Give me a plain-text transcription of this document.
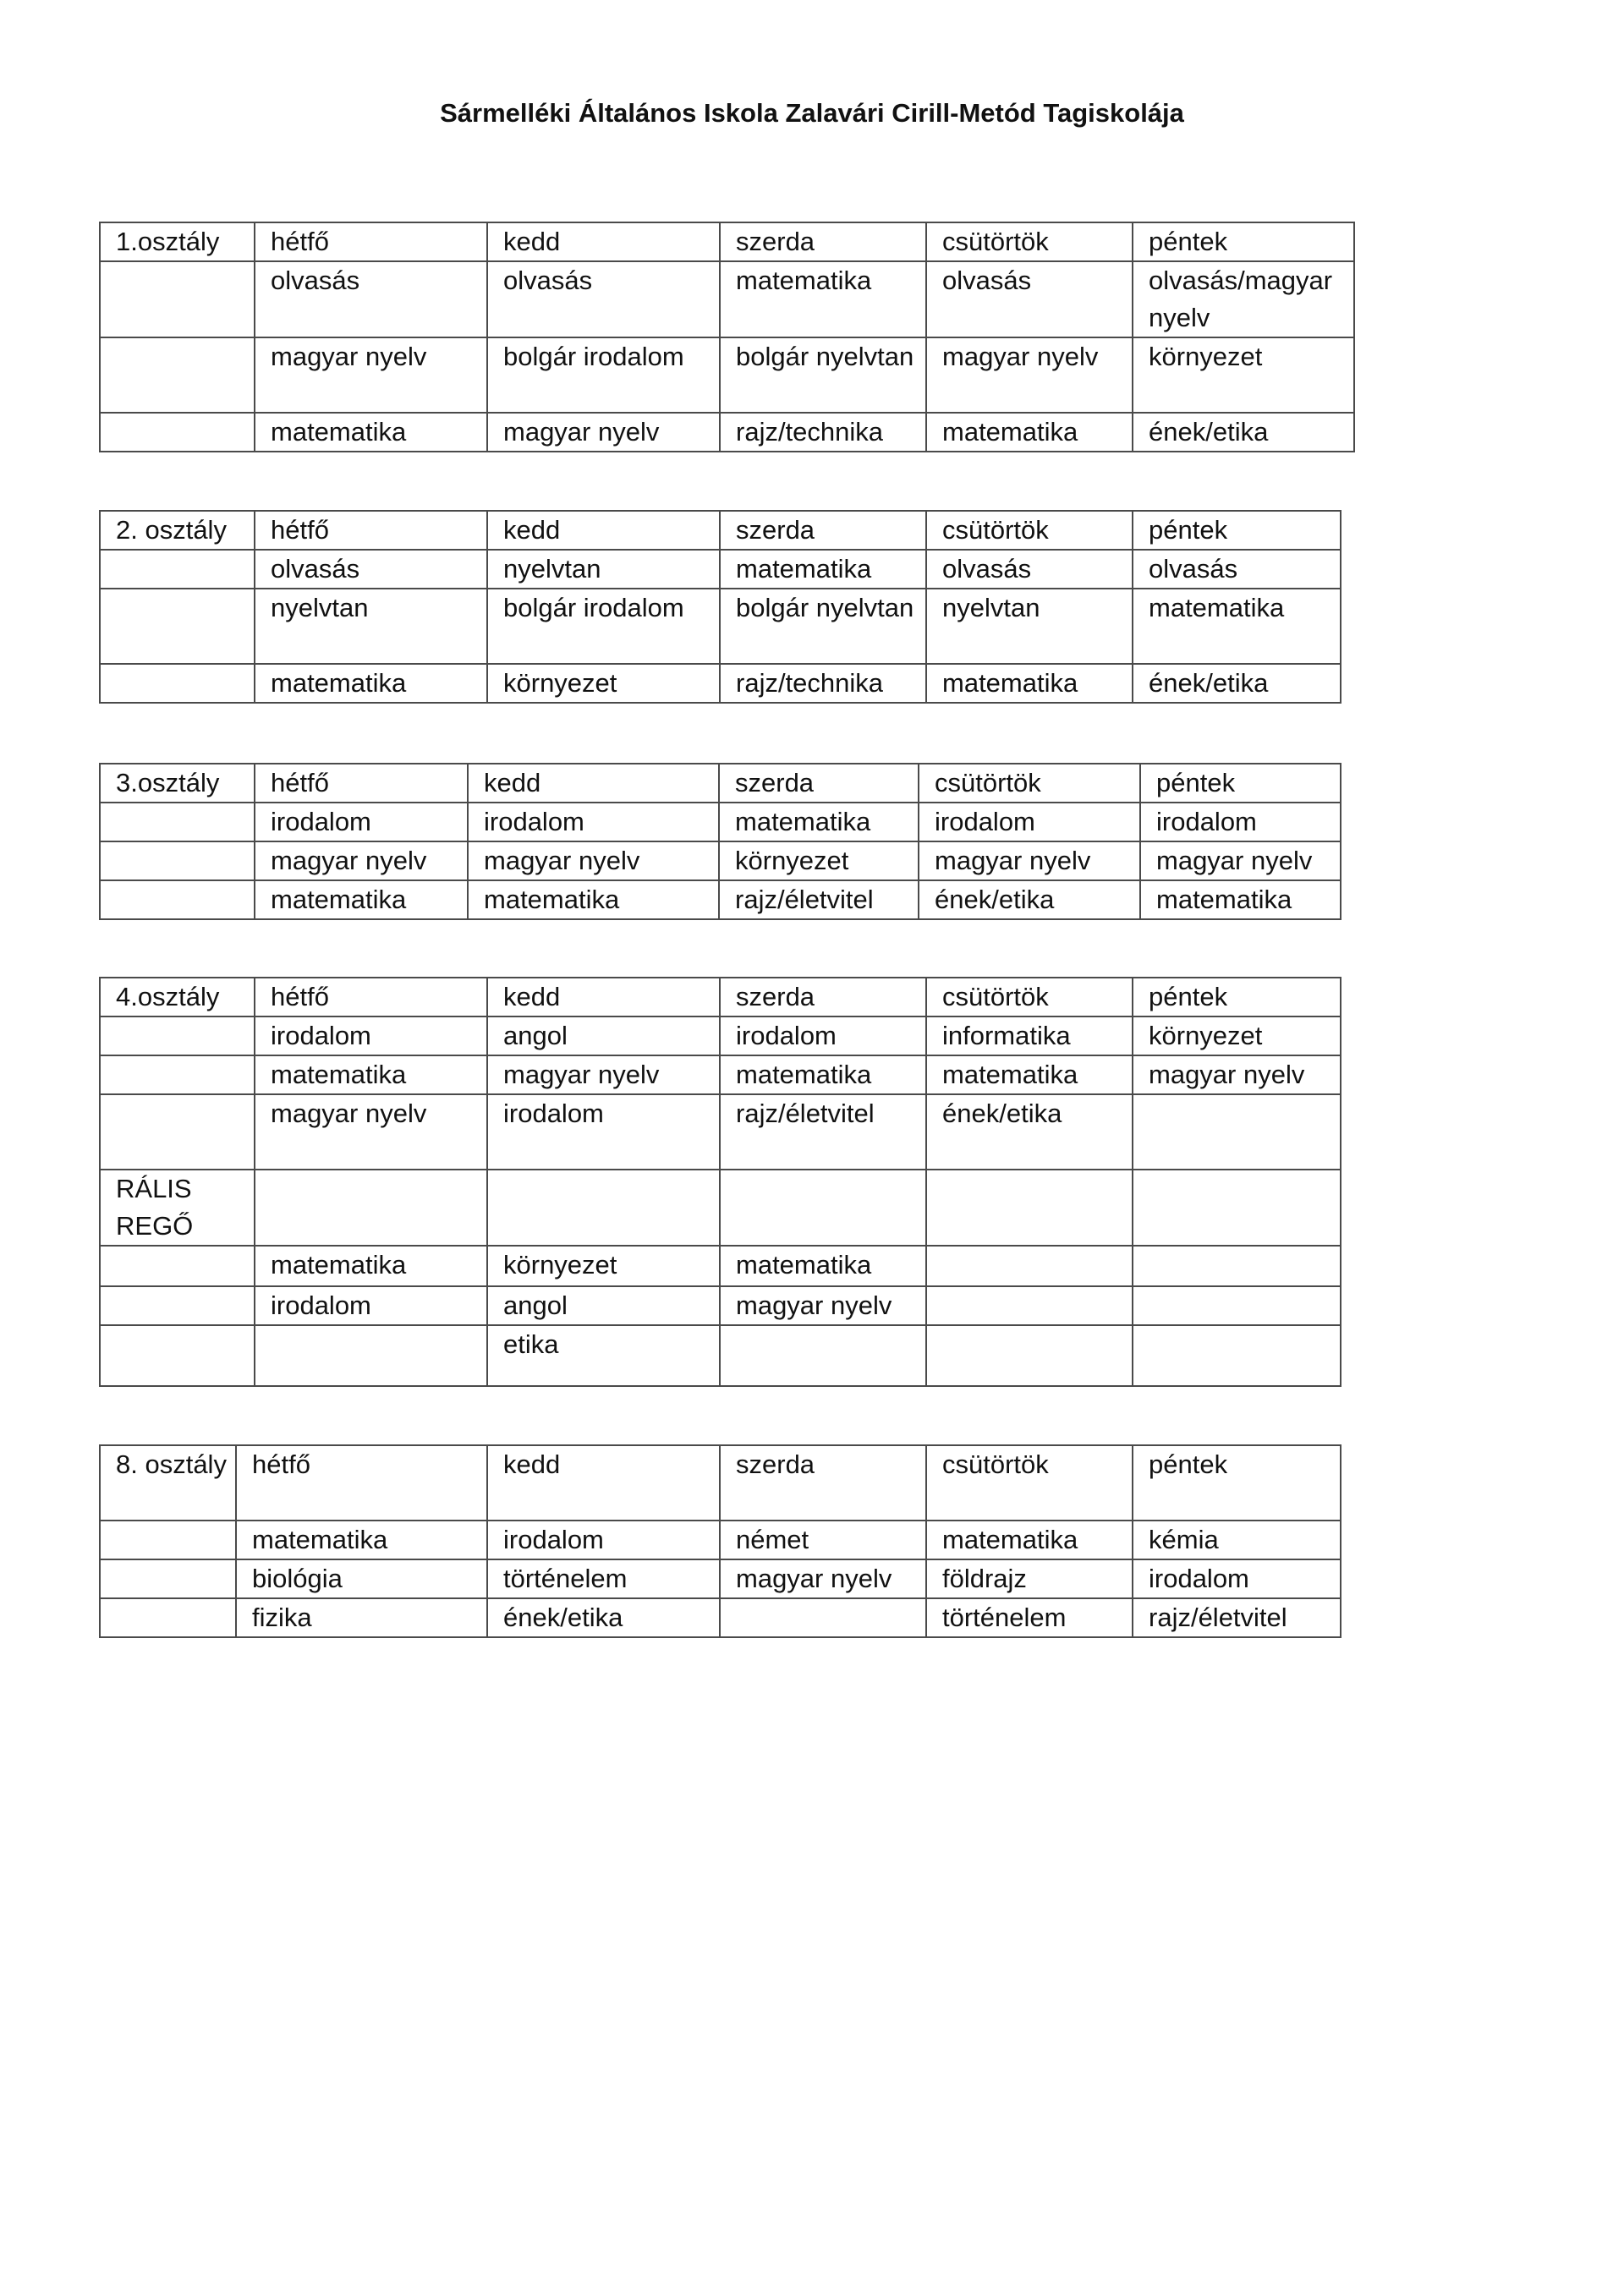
Sármelléki Általános Iskola Zalavári Cirill-Metód Tagiskolája
1.osztály	hétfő	kedd	szerda	csütörtök	péntek
	olvasás	olvasás	matematika	olvasás	olvasás/magyar nyelv
	magyar nyelv	bolgár irodalom	bolgár nyelvtan	magyar nyelv	környezet
	matematika	magyar nyelv	rajz/technika	matematika	ének/etika
2. osztály	hétfő	kedd	szerda	csütörtök	péntek
	olvasás	nyelvtan	matematika	olvasás	olvasás
	nyelvtan	bolgár irodalom	bolgár nyelvtan	nyelvtan	matematika
	matematika	környezet	rajz/technika	matematika	ének/etika
3.osztály	hétfő	kedd	szerda	csütörtök	péntek
	irodalom	irodalom	matematika	irodalom	irodalom
	magyar nyelv	magyar nyelv	környezet	magyar nyelv	magyar nyelv
	matematika	matematika	rajz/életvitel	ének/etika	matematika
4.osztály	hétfő	kedd	szerda	csütörtök	péntek
	irodalom	angol	irodalom	informatika	környezet
	matematika	magyar nyelv	matematika	matematika	magyar nyelv
	magyar nyelv	irodalom	rajz/életvitel	ének/etika	
RÁLIS REGŐ					
	matematika	környezet	matematika		
	irodalom	angol	magyar nyelv		
		etika			
8. osztály	hétfő	kedd	szerda	csütörtök	péntek
	matematika	irodalom	német	matematika	kémia
	biológia	történelem	magyar nyelv	földrajz	irodalom
	fizika	ének/etika		történelem	rajz/életvitel
